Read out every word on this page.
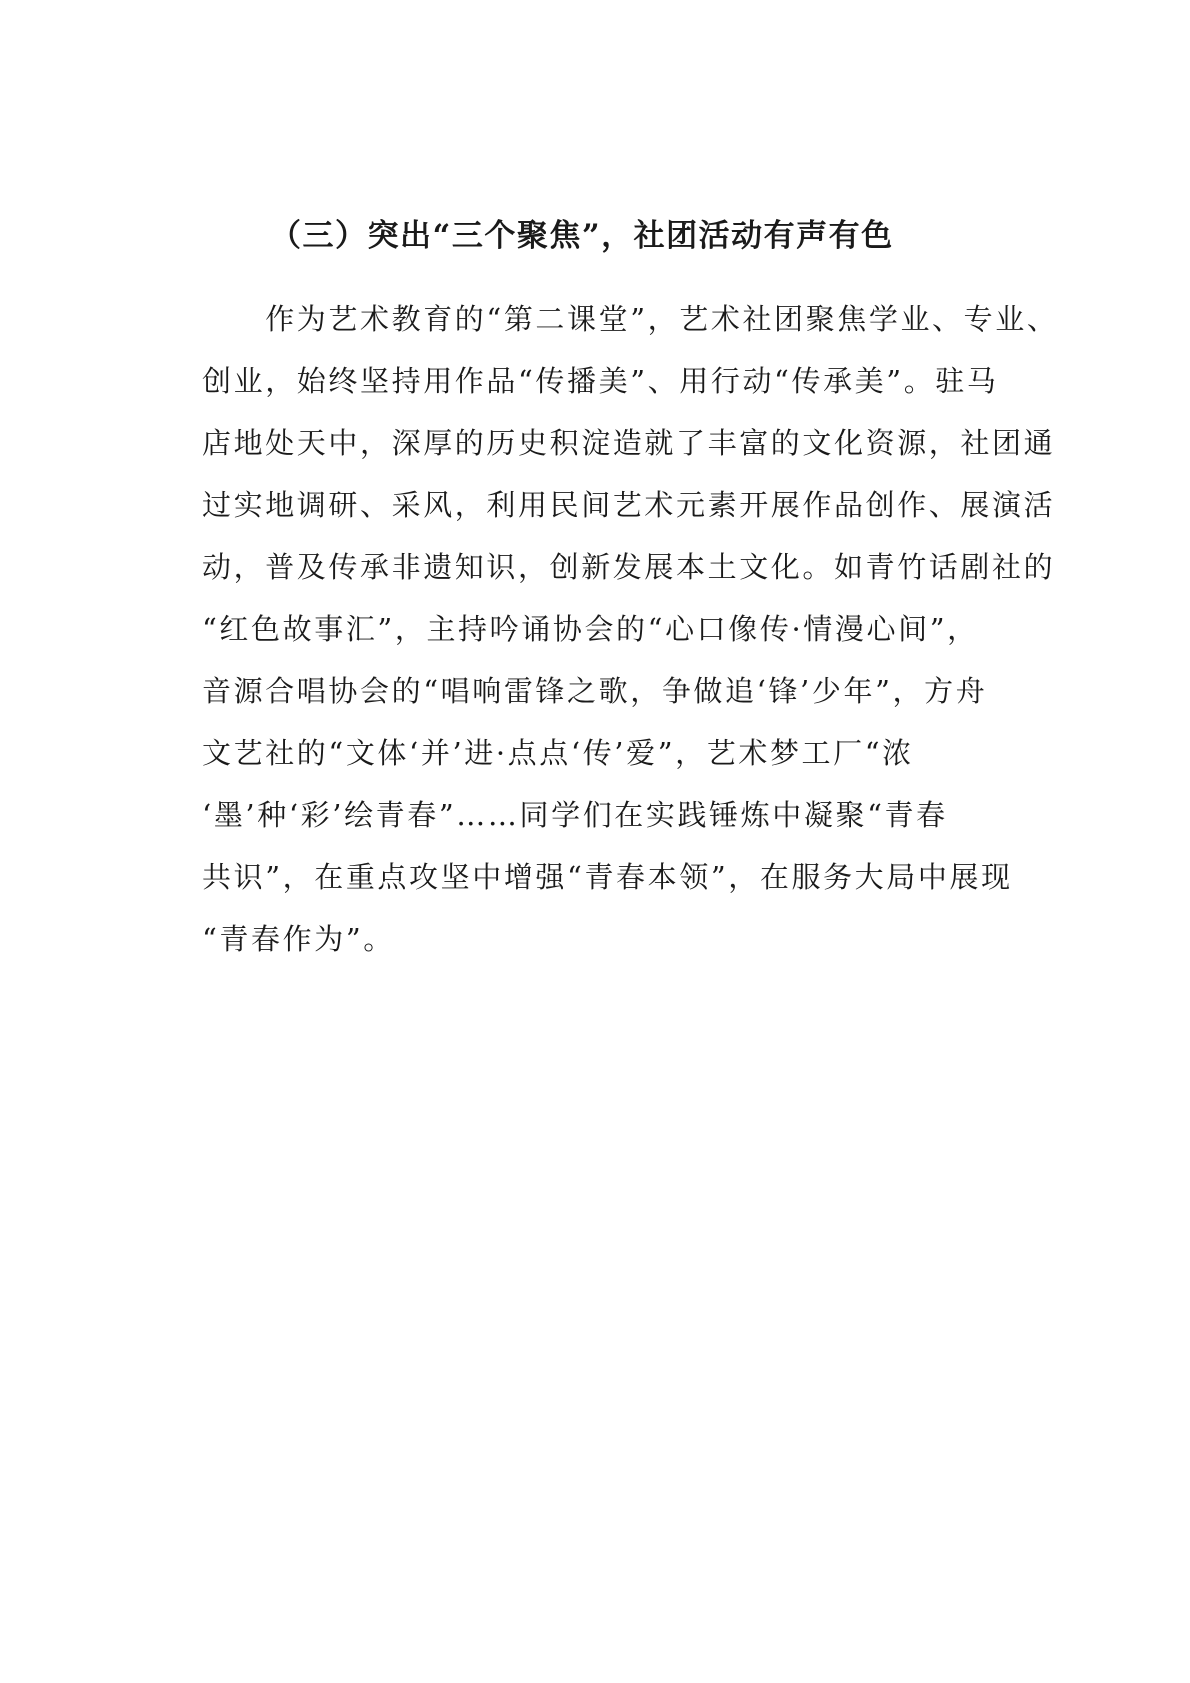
（三）突出“三个聚焦”，社团活动有声有色
　　作为艺术教育的“第二课堂”，艺术社团聚焦学业、专业、
创业，始终坚持用作品“传播美”、用行动“传承美”。驻马
店地处天中，深厚的历史积淀造就了丰富的文化资源，社团通
过实地调研、采风，利用民间艺术元素开展作品创作、展演活
动，普及传承非遗知识，创新发展本土文化。如青竹话剧社的
“红色故事汇”，主持吟诵协会的“心口像传·情漫心间”，
音源合唱协会的“唱响雷锋之歌，争做追‘锋’少年”，方舟
文艺社的“文体‘并’进·点点‘传’爱”，艺术梦工厂“浓
‘墨’种‘彩’绘青春”……同学们在实践锤炼中凝聚“青春
共识”，在重点攻坚中增强“青春本领”，在服务大局中展现
“青春作为”。
